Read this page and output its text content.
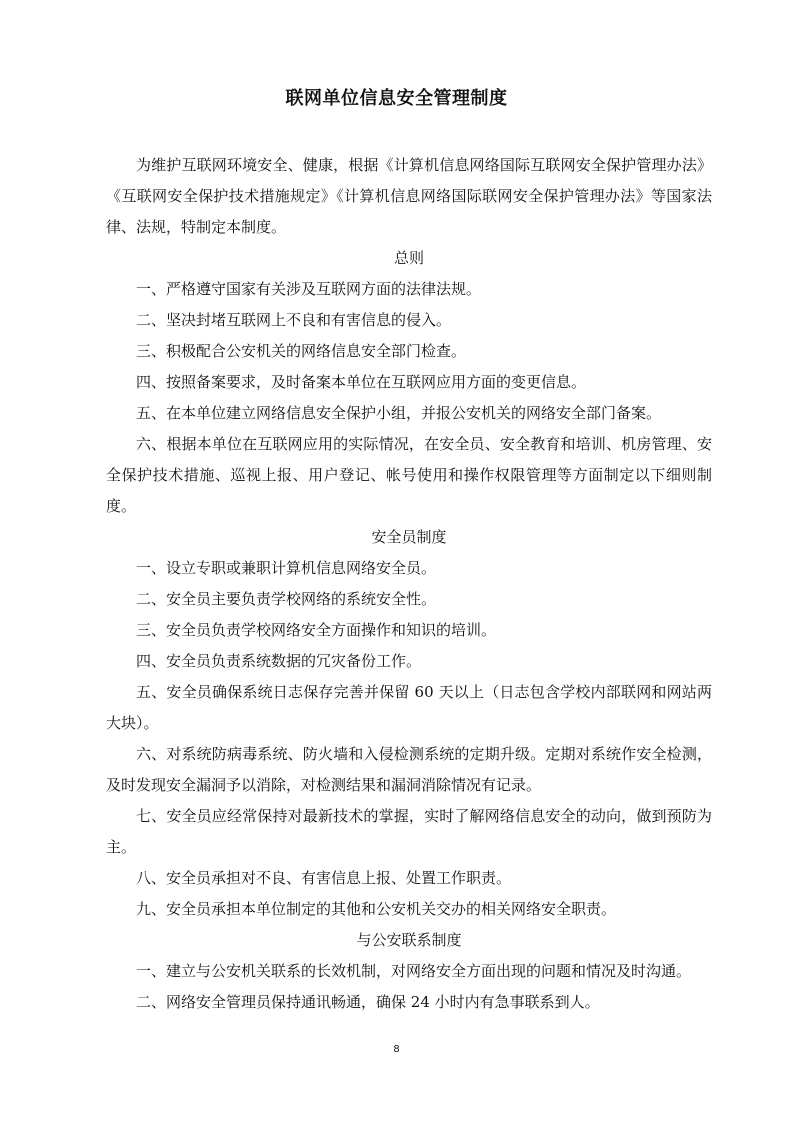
联网单位信息安全管理制度

为维护互联网环境安全、健康，根据《计算机信息网络国际互联网安全保护管理办法》《互联网安全保护技术措施规定》《计算机信息网络国际联网安全保护管理办法》等国家法律、法规，特制定本制度。

总则

一、严格遵守国家有关涉及互联网方面的法律法规。

二、坚决封堵互联网上不良和有害信息的侵入。

三、积极配合公安机关的网络信息安全部门检查。

四、按照备案要求，及时备案本单位在互联网应用方面的变更信息。

五、在本单位建立网络信息安全保护小组，并报公安机关的网络安全部门备案。

六、根据本单位在互联网应用的实际情况，在安全员、安全教育和培训、机房管理、安全保护技术措施、巡视上报、用户登记、帐号使用和操作权限管理等方面制定以下细则制度。

安全员制度

一、设立专职或兼职计算机信息网络安全员。

二、安全员主要负责学校网络的系统安全性。

三、安全员负责学校网络安全方面操作和知识的培训。

四、安全员负责系统数据的冗灾备份工作。

五、安全员确保系统日志保存完善并保留 60 天以上（日志包含学校内部联网和网站两大块）。

六、对系统防病毒系统、防火墙和入侵检测系统的定期升级。定期对系统作安全检测，及时发现安全漏洞予以消除，对检测结果和漏洞消除情况有记录。

七、安全员应经常保持对最新技术的掌握，实时了解网络信息安全的动向，做到预防为主。

八、安全员承担对不良、有害信息上报、处置工作职责。

九、安全员承担本单位制定的其他和公安机关交办的相关网络安全职责。

与公安联系制度

一、建立与公安机关联系的长效机制，对网络安全方面出现的问题和情况及时沟通。

二、网络安全管理员保持通讯畅通，确保 24 小时内有急事联系到人。

8
